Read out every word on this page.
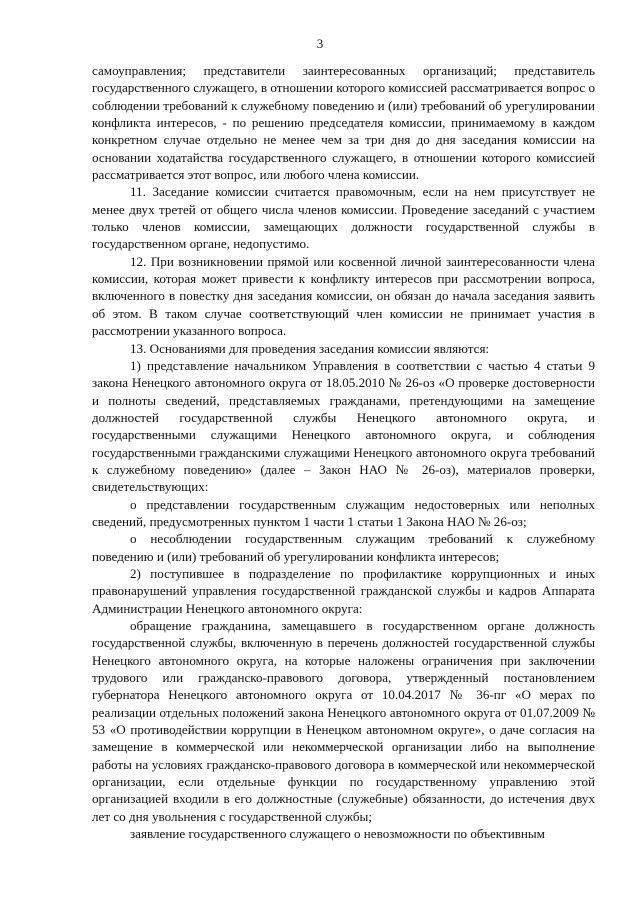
3

самоуправления; представители заинтересованных организаций; представитель государственного служащего, в отношении которого комиссией рассматривается вопрос о соблюдении требований к служебному поведению и (или) требований об урегулировании конфликта интересов, - по решению председателя комиссии, принимаемому в каждом конкретном случае отдельно не менее чем за три дня до дня заседания комиссии на основании ходатайства государственного служащего, в отношении которого комиссией рассматривается этот вопрос, или любого члена комиссии.

11. Заседание комиссии считается правомочным, если на нем присутствует не менее двух третей от общего числа членов комиссии. Проведение заседаний с участием только членов комиссии, замещающих должности государственной службы в государственном органе, недопустимо.

12. При возникновении прямой или косвенной личной заинтересованности члена комиссии, которая может привести к конфликту интересов при рассмотрении вопроса, включенного в повестку дня заседания комиссии, он обязан до начала заседания заявить об этом. В таком случае соответствующий член комиссии не принимает участия в рассмотрении указанного вопроса.

13. Основаниями для проведения заседания комиссии являются:

1) представление начальником Управления в соответствии с частью 4 статьи 9 закона Ненецкого автономного округа от 18.05.2010 № 26-оз «О проверке достоверности и полноты сведений, представляемых гражданами, претендующими на замещение должностей государственной службы Ненецкого автономного округа, и государственными служащими Ненецкого автономного округа, и соблюдения государственными гражданскими служащими Ненецкого автономного округа требований к служебному поведению» (далее – Закон НАО № 26-оз), материалов проверки, свидетельствующих:

о представлении государственным служащим недостоверных или неполных сведений, предусмотренных пунктом 1 части 1 статьи 1 Закона НАО № 26-оз;

о несоблюдении государственным служащим требований к служебному поведению и (или) требований об урегулировании конфликта интересов;

2) поступившее в подразделение по профилактике коррупционных и иных правонарушений управления государственной гражданской службы и кадров Аппарата Администрации Ненецкого автономного округа:

обращение гражданина, замещавшего в государственном органе должность государственной службы, включенную в перечень должностей государственной службы Ненецкого автономного округа, на которые наложены ограничения при заключении трудового или гражданско-правового договора, утвержденный постановлением губернатора Ненецкого автономного округа от 10.04.2017 № 36-пг «О мерах по реализации отдельных положений закона Ненецкого автономного округа от 01.07.2009 № 53 «О противодействии коррупции в Ненецком автономном округе», о даче согласия на замещение в коммерческой или некоммерческой организации либо на выполнение работы на условиях гражданско-правового договора в коммерческой или некоммерческой организации, если отдельные функции по государственному управлению этой организацией входили в его должностные (служебные) обязанности, до истечения двух лет со дня увольнения с государственной службы;

заявление государственного служащего о невозможности по объективным
